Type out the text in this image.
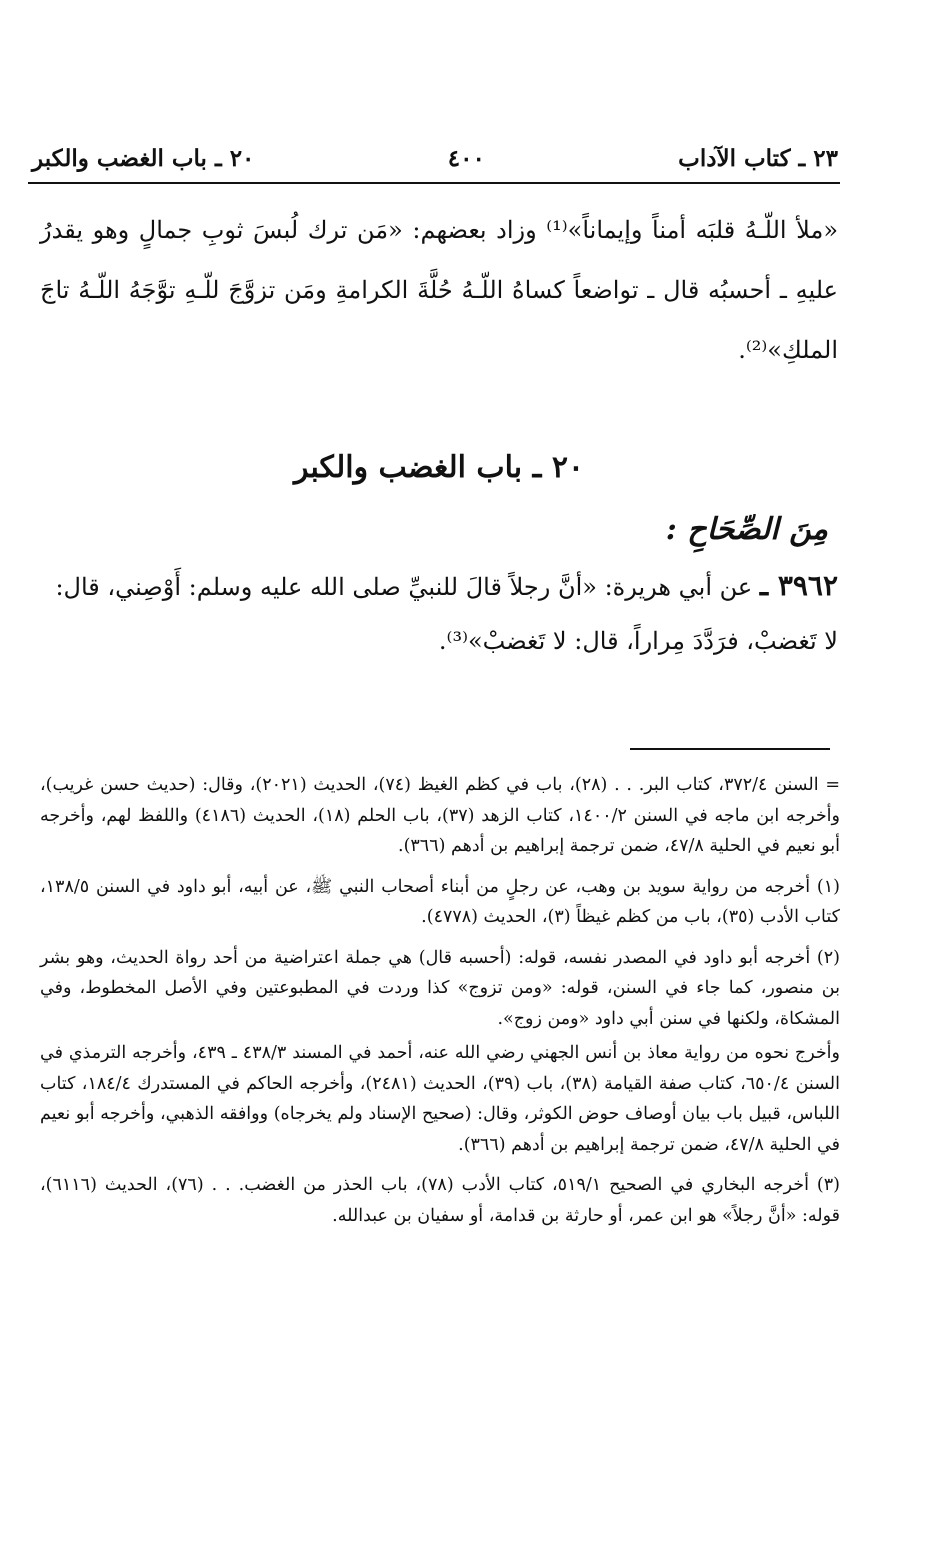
٢٣ ـ كتاب الآداب
٤٠٠
٢٠ ـ باب الغضب والكبر

«ملأ اللّـهُ قلبَه أمناً وإيماناً»⁽¹⁾ وزاد بعضهم: «مَن ترك لُبسَ ثوبِ جمالٍ وهو يقدرُ عليهِ ـ أحسبُه قال ـ تواضعاً كساهُ اللّـهُ حُلَّةَ الكرامةِ ومَن تزوَّجَ للّـهِ توَّجَهُ اللّـهُ تاجَ الملكِ»⁽²⁾.

٢٠ ـ باب الغضب والكبر
مِنَ الصِّحَاحِ :

٣٩٦٢ ـ عن أبي هريرة: «أنَّ رجلاً قالَ للنبيِّ صلى الله عليه وسلم: أَوْصِني، قال: لا تَغضبْ، فرَدَّدَ مِراراً، قال: لا تَغضبْ»⁽³⁾.

= السنن ٣٧٢/٤، كتاب البر. . . (٢٨)، باب في كظم الغيظ (٧٤)، الحديث (٢٠٢١)، وقال: (حديث حسن غريب)، وأخرجه ابن ماجه في السنن ١٤٠٠/٢، كتاب الزهد (٣٧)، باب الحلم (١٨)، الحديث (٤١٨٦) واللفظ لهم، وأخرجه أبو نعيم في الحلية ٤٧/٨، ضمن ترجمة إبراهيم بن أدهم (٣٦٦).

(١) أخرجه من رواية سويد بن وهب، عن رجلٍ من أبناء أصحاب النبي ﷺ، عن أبيه، أبو داود في السنن ١٣٨/٥، كتاب الأدب (٣٥)، باب من كظم غيظاً (٣)، الحديث (٤٧٧٨).

(٢) أخرجه أبو داود في المصدر نفسه، قوله: (أحسبه قال) هي جملة اعتراضية من أحد رواة الحديث، وهو بشر بن منصور، كما جاء في السنن، قوله: «ومن تزوج» كذا وردت في المطبوعتين وفي الأصل المخطوط، وفي المشكاة، ولكنها في سنن أبي داود «ومن زوج».

وأخرج نحوه من رواية معاذ بن أنس الجهني رضي الله عنه، أحمد في المسند ٤٣٨/٣ ـ ٤٣٩، وأخرجه الترمذي في السنن ٦٥٠/٤، كتاب صفة القيامة (٣٨)، باب (٣٩)، الحديث (٢٤٨١)، وأخرجه الحاكم في المستدرك ١٨٤/٤، كتاب اللباس، قبيل باب بيان أوصاف حوض الكوثر، وقال: (صحيح الإسناد ولم يخرجاه) ووافقه الذهبي، وأخرجه أبو نعيم في الحلية ٤٧/٨، ضمن ترجمة إبراهيم بن أدهم (٣٦٦).

(٣) أخرجه البخاري في الصحيح ٥١٩/١، كتاب الأدب (٧٨)، باب الحذر من الغضب. . . (٧٦)، الحديث (٦١١٦)، قوله: «أنَّ رجلاً» هو ابن عمر، أو حارثة بن قدامة، أو سفيان بن عبدالله.
